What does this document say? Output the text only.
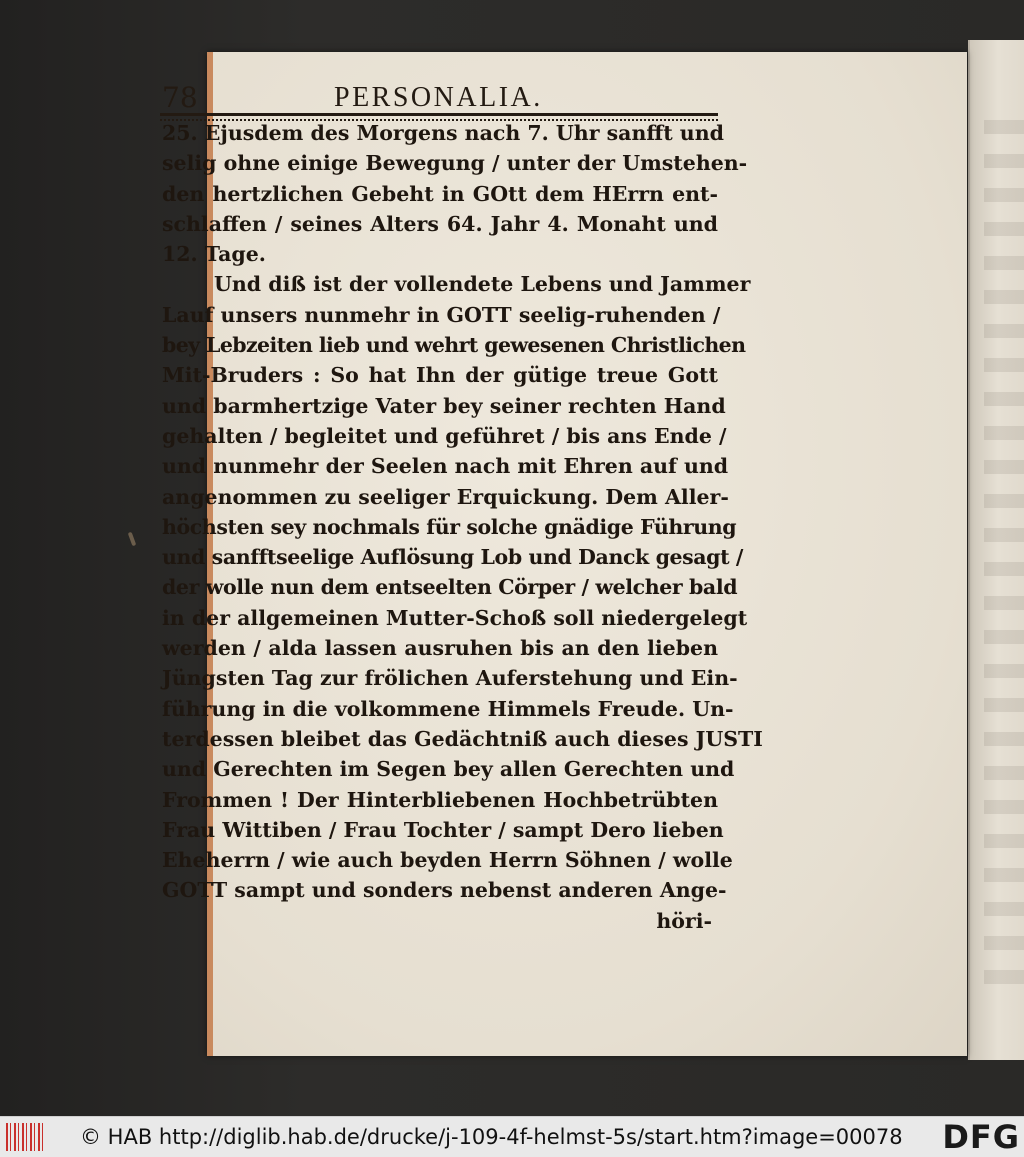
78	PERSONALIA.
25. Ejusdem des Morgens nach 7. Uhr sanfft und
selig ohne einige Bewegung / unter der Umstehen-
den hertzlichen Gebeht in GOtt dem HErrn ent-
schlaffen / seines Alters 64. Jahr 4. Monaht und
12. Tage.
Und diß ist der vollendete Lebens und Jammer
Lauf unsers nunmehr in GOTT seelig-ruhenden /
bey Lebzeiten lieb und wehrt gewesenen Christlichen
Mit-Bruders : So hat Ihn der gütige treue Gott
und barmhertzige Vater bey seiner rechten Hand
gehalten / begleitet und geführet / bis ans Ende /
und nunmehr der Seelen nach mit Ehren auf und
angenommen zu seeliger Erquickung. Dem Aller-
höchsten sey nochmals für solche gnädige Führung
und sanfftseelige Auflösung Lob und Danck gesagt /
der wolle nun dem entseelten Cörper / welcher bald
in der allgemeinen Mutter-Schoß soll niedergelegt
werden / alda lassen ausruhen bis an den lieben
Jüngsten Tag zur frölichen Auferstehung und Ein-
führung in die volkommene Himmels Freude. Un-
terdessen bleibet das Gedächtniß auch dieses JUSTI
und Gerechten im Segen bey allen Gerechten und
Frommen ! Der Hinterbliebenen Hochbetrübten
Frau Wittiben / Frau Tochter / sampt Dero lieben
Eheherrn / wie auch beyden Herrn Söhnen / wolle
GOTT sampt und sonders nebenst anderen Ange-
höri-
© HAB http://diglib.hab.de/drucke/j-109-4f-helmst-5s/start.htm?image=00078 DFG
